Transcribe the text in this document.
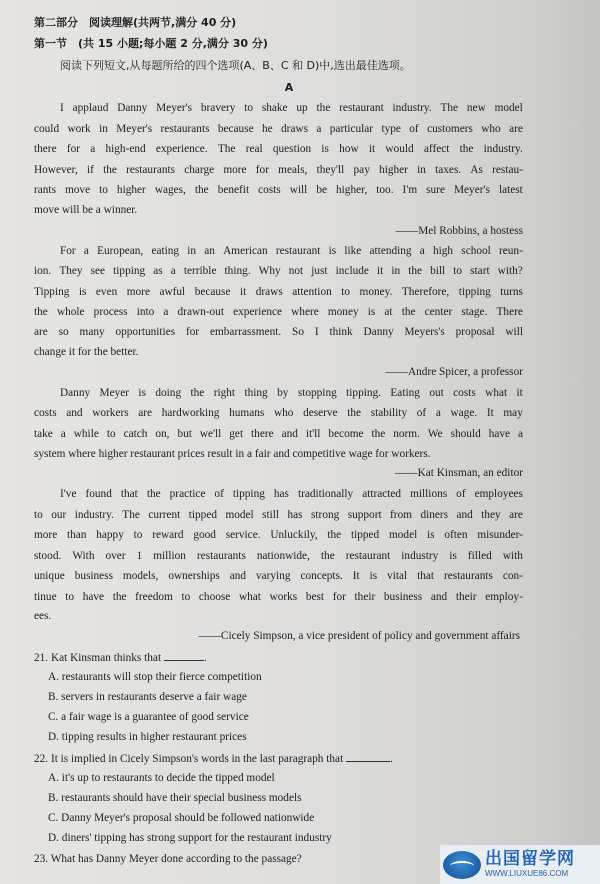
第二部分　阅读理解(共两节,满分 40 分)
第一节　(共 15 小题;每小题 2 分,满分 30 分)
阅读下列短文,从每题所给的四个选项(A、B、C 和 D)中,选出最佳选项。
A
I applaud Danny Meyer's bravery to shake up the restaurant industry. The new model
could work in Meyer's restaurants because he draws a particular type of customers who are
there for a high-end experience. The real question is how it would affect the industry.
However, if the restaurants charge more for meals, they'll pay higher in taxes. As restau-
rants move to higher wages, the benefit costs will be higher, too. I'm sure Meyer's latest
move will be a winner.
——Mel Robbins, a hostess
For a European, eating in an American restaurant is like attending a high school reun-
ion. They see tipping as a terrible thing. Why not just include it in the bill to start with?
Tipping is even more awful because it draws attention to money. Therefore, tipping turns
the whole process into a drawn-out experience where money is at the center stage. There
are so many opportunities for embarrassment. So I think Danny Meyers's proposal will
change it for the better.
——Andre Spicer, a professor
Danny Meyer is doing the right thing by stopping tipping. Eating out costs what it
costs and workers are hardworking humans who deserve the stability of a wage. It may
take a while to catch on, but we'll get there and it'll become the norm. We should have a
system where higher restaurant prices result in a fair and competitive wage for workers.
——Kat Kinsman, an editor
I've found that the practice of tipping has traditionally attracted millions of employees
to our industry. The current tipped model still has strong support from diners and they are
more than happy to reward good service. Unluckily, the tipped model is often misunder-
stood. With over 1 million restaurants nationwide, the restaurant industry is filled with
unique business models, ownerships and varying concepts. It is vital that restaurants con-
tinue to have the freedom to choose what works best for their business and their employ-
ees.
——Cicely Simpson, a vice president of policy and government affairs
21. Kat Kinsman thinks that	.
A. restaurants will stop their fierce competition
B. servers in restaurants deserve a fair wage
C. a fair wage is a guarantee of good service
D. tipping results in higher restaurant prices
22. It is implied in Cicely Simpson's words in the last paragraph that	.
A. it's up to restaurants to decide the tipped model
B. restaurants should have their special business models
C. Danny Meyer's proposal should be followed nationwide
D. diners' tipping has strong support for the restaurant industry
23. What has Danny Meyer done according to the passage?	出国留学网
WWW.LIUXUE86.COM
